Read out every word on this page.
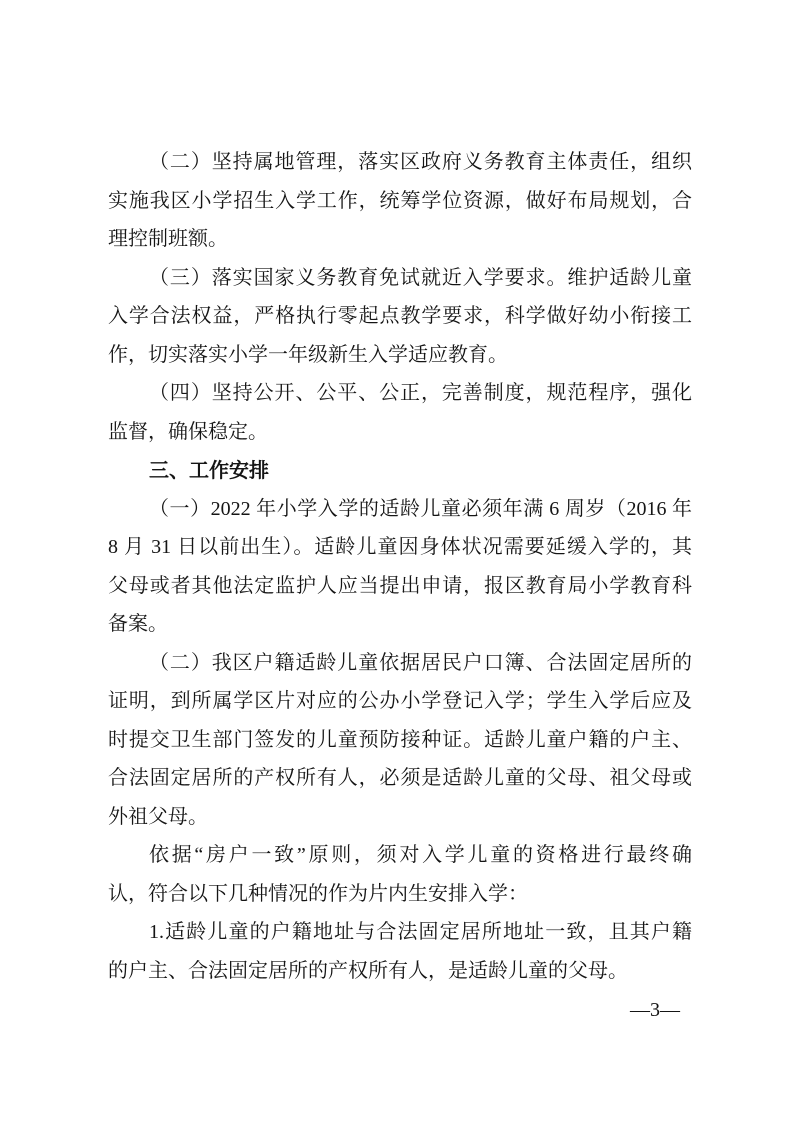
（二）坚持属地管理，落实区政府义务教育主体责任，组织
实施我区小学招生入学工作，统筹学位资源，做好布局规划，合
理控制班额。
（三）落实国家义务教育免试就近入学要求。维护适龄儿童
入学合法权益，严格执行零起点教学要求，科学做好幼小衔接工
作，切实落实小学一年级新生入学适应教育。
（四）坚持公开、公平、公正，完善制度，规范程序，强化
监督，确保稳定。
三、工作安排
（一）2022 年小学入学的适龄儿童必须年满 6 周岁（2016 年
8 月 31 日以前出生）。适龄儿童因身体状况需要延缓入学的，其
父母或者其他法定监护人应当提出申请，报区教育局小学教育科
备案。
（二）我区户籍适龄儿童依据居民户口簿、合法固定居所的
证明，到所属学区片对应的公办小学登记入学；学生入学后应及
时提交卫生部门签发的儿童预防接种证。适龄儿童户籍的户主、
合法固定居所的产权所有人，必须是适龄儿童的父母、祖父母或
外祖父母。
依据“房户一致”原则，须对入学儿童的资格进行最终确
认，符合以下几种情况的作为片内生安排入学：
1.适龄儿童的户籍地址与合法固定居所地址一致，且其户籍
的户主、合法固定居所的产权所有人，是适龄儿童的父母。
—3—
